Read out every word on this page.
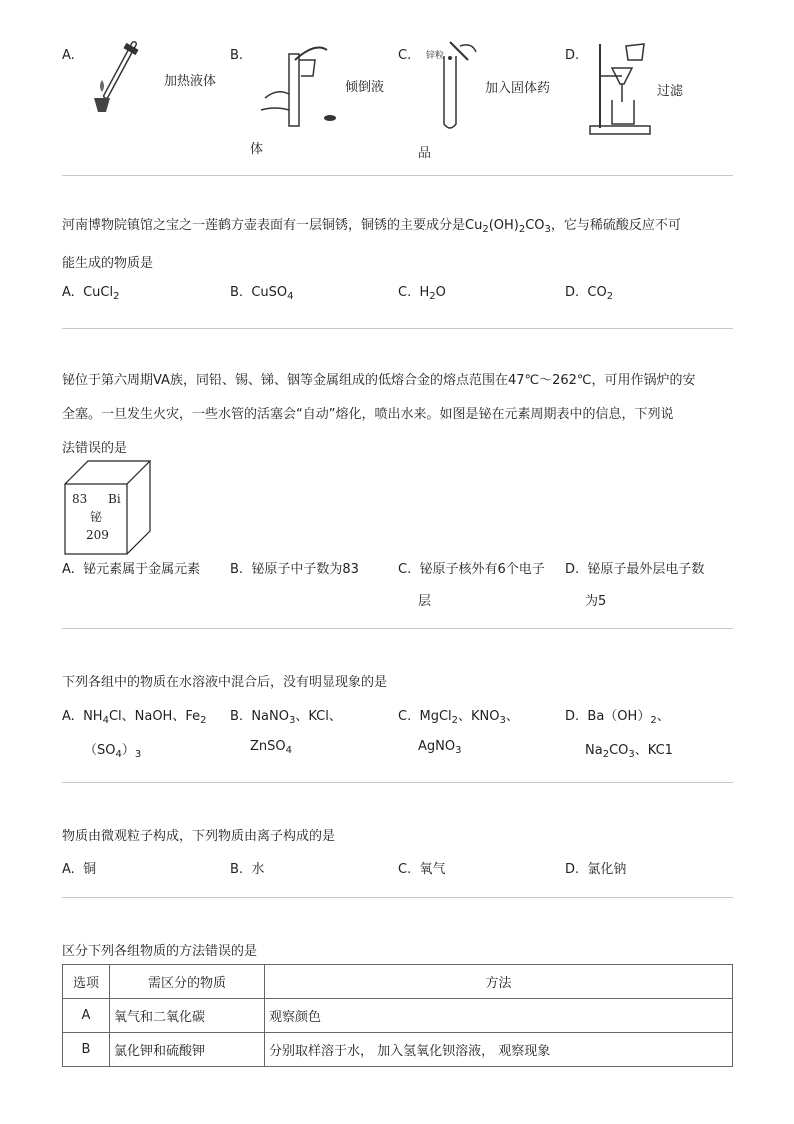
A.
加热液体
B.
倾倒液
体
C. 锌粒
加入固体药
品
D.
过滤
河南博物院镇馆之宝之一莲鹤方壶表面有一层铜锈，铜锈的主要成分是$Cu_2(OH)_2CO_3$，它与稀硫酸反应不可
能生成的物质是
A. CuCl$_2$	B. CuSO$_4$	C. $H_2O$	D. $CO_2$
铋位于第六周期VA族，同铅、锡、锑、铟等金属组成的低熔合金的熔点范围在47℃～262℃，可用作锅炉的安
全塞。一旦发生火灾，一些水管的活塞会“自动”熔化，喷出水来。如图是铋在元素周期表中的信息，下列说
法错误的是
83 Bi
铋
209
A. 铋元素属于金属元素 B. 铋原子中子数为83	C. 铋原子核外有6个电子
层
D. 铋原子最外层电子数
为5
下列各组中的物质在水溶液中混合后，没有明显现象的是
A. $NH_4Cl$、NaOH、$Fe_2$
$(SO_4)_3$
B. NaNO$_3$、KCl、
ZnSO$_4$
C. MgCl$_2$、$KNO_3$、
AgNO$_3$
D. $Ba(OH)_2$、
$Na_2CO_3$、KC1
物质由微观粒子构成，下列物质由离子构成的是
A. 铜	B. 水	C. 氧气	D. 氯化钠
区分下列各组物质的方法错误的是
选项	需区分的物质	方法
A	氧气和二氧化碳	观察颜色
B	氯化钾和硫酸钾	分别取样溶于水， 加入氢氧化钡溶液， 观察现象
